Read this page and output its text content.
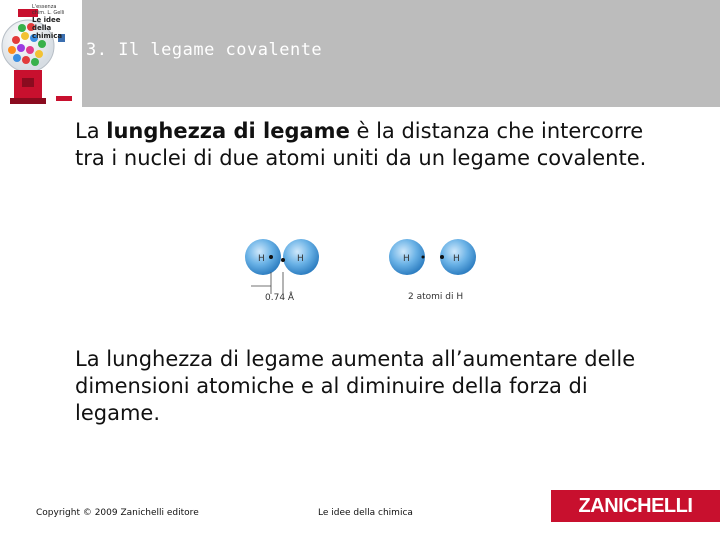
L'essenza
chim. L. Gelli
Le idee della
chimica
3. Il legame covalente
La lunghezza di legame è la distanza che intercorre tra i nuclei di due atomi uniti da un legame covalente.
H	H
0.74 Å
H	H
2 atomi di H
La lunghezza di legame aumenta all’aumentare delle dimensioni atomiche e al diminuire della forza di legame.
Copyright © 2009 Zanichelli editore	Le idee della chimica	ZANICHELLI
